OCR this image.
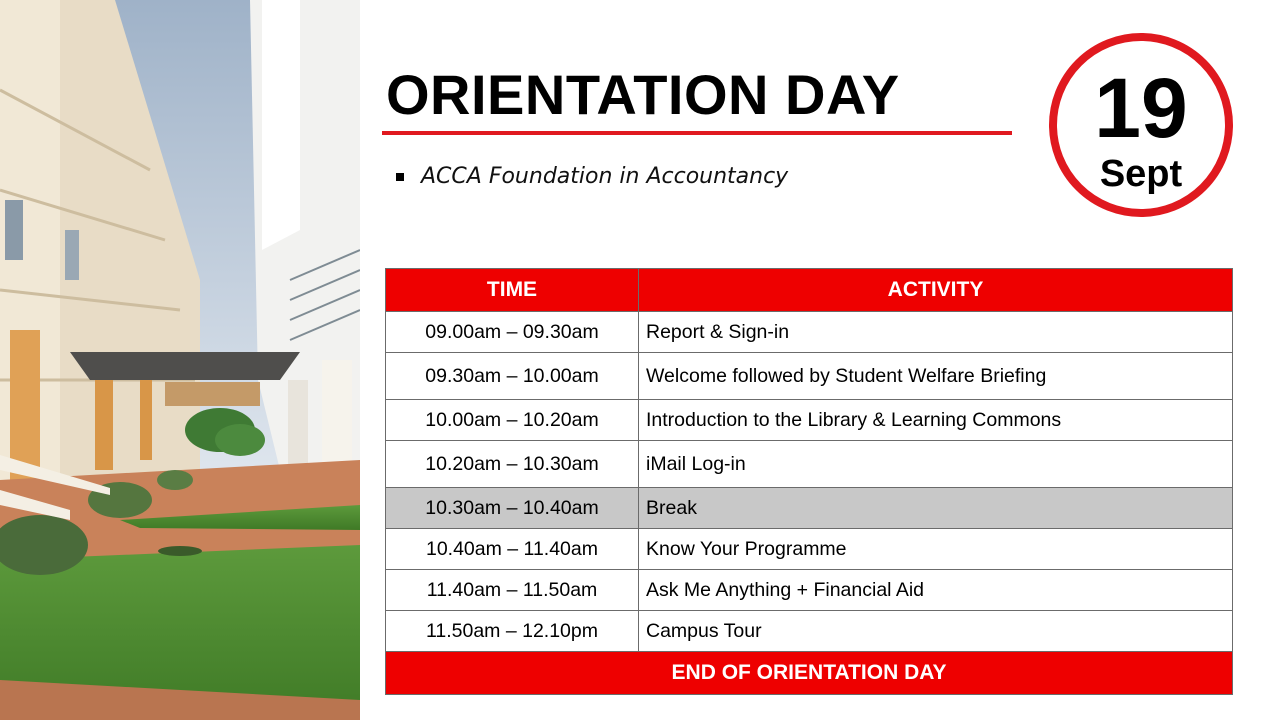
ORIENTATION DAY
ACCA Foundation in Accountancy
19
Sept
TIME	ACTIVITY
09.00am – 09.30am	Report & Sign-in
09.30am – 10.00am	Welcome followed by Student Welfare Briefing
10.00am – 10.20am	Introduction to the Library & Learning Commons
10.20am – 10.30am	iMail Log-in
10.30am – 10.40am	Break
10.40am – 11.40am	Know Your Programme
11.40am – 11.50am	Ask Me Anything + Financial Aid
11.50am – 12.10pm	Campus Tour
END OF ORIENTATION DAY	
